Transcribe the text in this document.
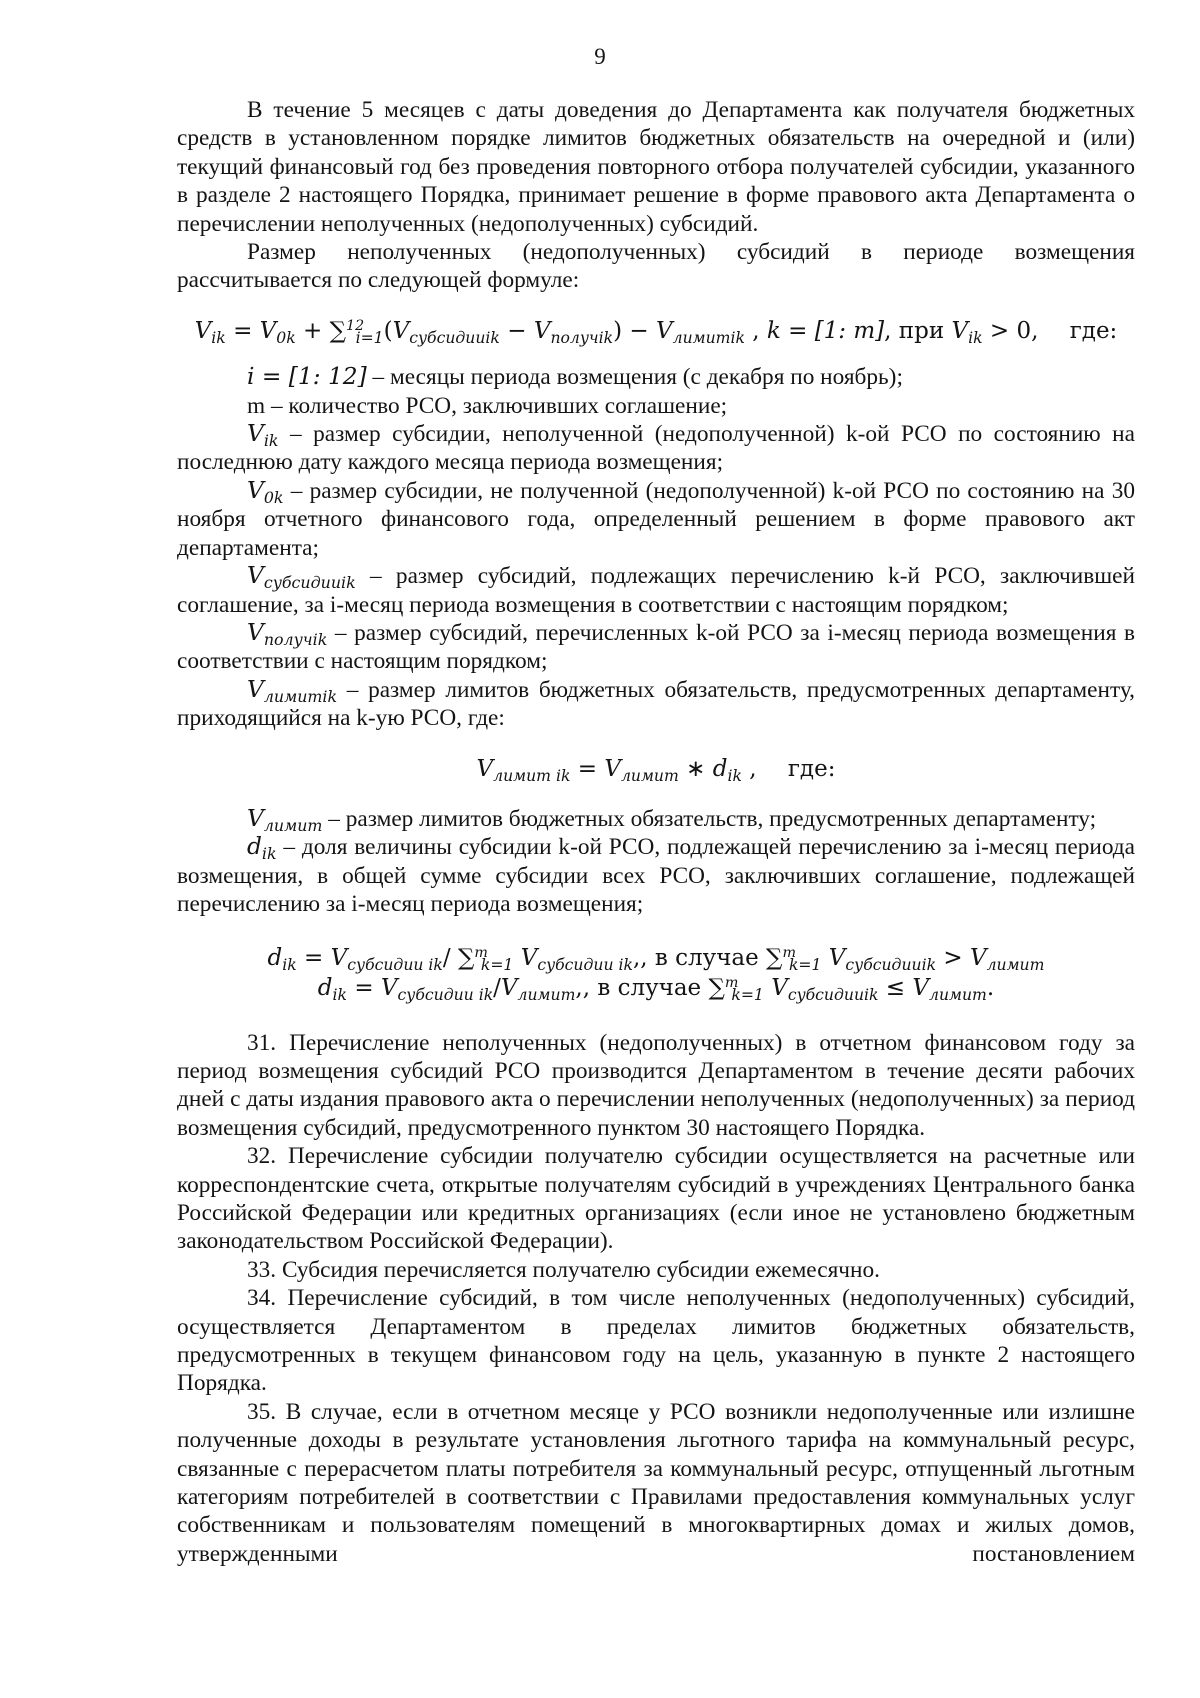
9

В течение 5 месяцев с даты доведения до Департамента как получателя бюджетных средств в установленном порядке лимитов бюджетных обязательств на очередной и (или) текущий финансовый год без проведения повторного отбора получателей субсидии, указанного в разделе 2 настоящего Порядка, принимает решение в форме правового акта Департамента о перечислении неполученных (недополученных) субсидий.

Размер неполученных (недополученных) субсидий в периоде возмещения рассчитывается по следующей формуле:

$V_{ik} = V_{0k} + \sum^{12}_{i=1}(V_{субсидииik} - V_{получik}) - V_{лимитik}$ , k = [1: m], при $V_{ik} > 0$, где:

i = [1: 12] – месяцы периода возмещения (с декабря по ноябрь);

m – количество РСО, заключивших соглашение;

$V_{ik}$ – размер субсидии, неполученной (недополученной) k-ой РСО по состоянию на последнюю дату каждого месяца периода возмещения;

$V_{0k}$ – размер субсидии, не полученной (недополученной) k-ой РСО по состоянию на 30 ноября отчетного финансового года, определенный решением в форме правового акт департамента;

$V_{субсидииik}$ – размер субсидий, подлежащих перечислению k-й РСО, заключившей соглашение, за i-месяц периода возмещения в соответствии с настоящим порядком;

$V_{получik}$ – размер субсидий, перечисленных k-ой РСО за i-месяц периода возмещения в соответствии с настоящим порядком;

$V_{лимитik}$ – размер лимитов бюджетных обязательств, предусмотренных департаменту, приходящийся на k-ую РСО, где:

$V_{лимит ik} = V_{лимит}$ ∗ $d_{ik}$ , где:

$V_{лимит}$ – размер лимитов бюджетных обязательств, предусмотренных департаменту;

$d_{ik}$ – доля величины субсидии k-ой РСО, подлежащей перечислению за i-месяц периода возмещения, в общей сумме субсидии всех РСО, заключивших соглашение, подлежащей перечислению за i-месяц периода возмещения;

$d_{ik} = V_{субсидии ik}/$ ∑$^m_{k=1}$ $V_{субсидии ik}$,, в случае ∑$^m_{k=1}$ $V_{субсидииik} > V_{лимит}$
$d_{ik} = V_{субсидии ik}/V_{лимит}$,, в случае ∑$^m_{k=1}$ $V_{субсидииik} \le V_{лимит}$.

31. Перечисление неполученных (недополученных) в отчетном финансовом году за период возмещения субсидий РСО производится Департаментом в течение десяти рабочих дней с даты издания правового акта о перечислении неполученных (недополученных) за период возмещения субсидий, предусмотренного пунктом 30 настоящего Порядка.

32. Перечисление субсидии получателю субсидии осуществляется на расчетные или корреспондентские счета, открытые получателям субсидий в учреждениях Центрального банка Российской Федерации или кредитных организациях (если иное не установлено бюджетным законодательством Российской Федерации).

33. Субсидия перечисляется получателю субсидии ежемесячно.

34. Перечисление субсидий, в том числе неполученных (недополученных) субсидий, осуществляется Департаментом в пределах лимитов бюджетных обязательств, предусмотренных в текущем финансовом году на цель, указанную в пункте 2 настоящего Порядка.

35. В случае, если в отчетном месяце у РСО возникли недополученные или излишне полученные доходы в результате установления льготного тарифа на коммунальный ресурс, связанные с перерасчетом платы потребителя за коммунальный ресурс, отпущенный льготным категориям потребителей в соответствии с Правилами предоставления коммунальных услуг собственникам и пользователям помещений в многоквартирных домах и жилых домов, утвержденными постановлением
